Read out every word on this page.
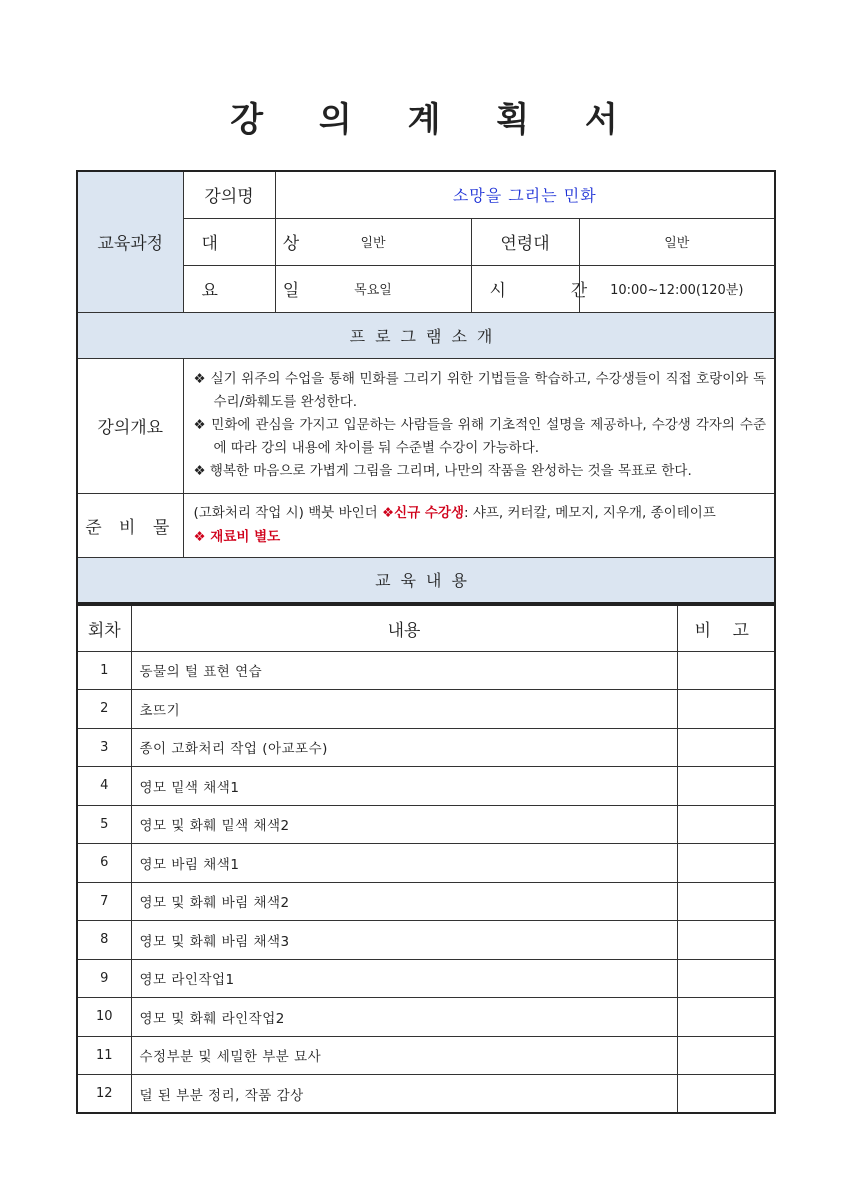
강 의 계 획 서
교육과정	강의명	소망을 그리는 민화		
	대  상	일반	연령대	일반
	요  일	목요일	시  간	10:00~12:00(120분)
프로그램소개				
강의개요	❖ 실기 위주의 수업을 통해 민화를 그리기 위한 기법들을 학습하고, 수강생들이 직접 호랑이와 독수리/화훼도를 완성한다.
❖ 민화에 관심을 가지고 입문하는 사람들을 위해 기초적인 설명을 제공하나, 수강생 각자의 수준에 따라 강의 내용에 차이를 둬 수준별 수강이 가능하다.
❖ 행복한 마음으로 가볍게 그림을 그리며, 나만의 작품을 완성하는 것을 목표로 한다.			

준 비 물	(고화처리 작업 시) 백붓 바인더 ❖신규 수강생: 샤프, 커터칼, 메모지, 지우개, 종이테이프
❖ 재료비 별도			
교육내용				
회차	내용	비 고
1	동물의 털 표현 연습	
2	초뜨기	
3	종이 고화처리 작업 (아교포수)	
4	영모 밑색 채색1	
5	영모 및 화훼 밑색 채색2	
6	영모 바림 채색1	
7	영모 및 화훼 바림 채색2	
8	영모 및 화훼 바림 채색3	
9	영모 라인작업1	
10	영모 및 화훼 라인작업2	
11	수정부분 및 세밀한 부분 묘사	
12	덜 된 부분 정리, 작품 감상	
